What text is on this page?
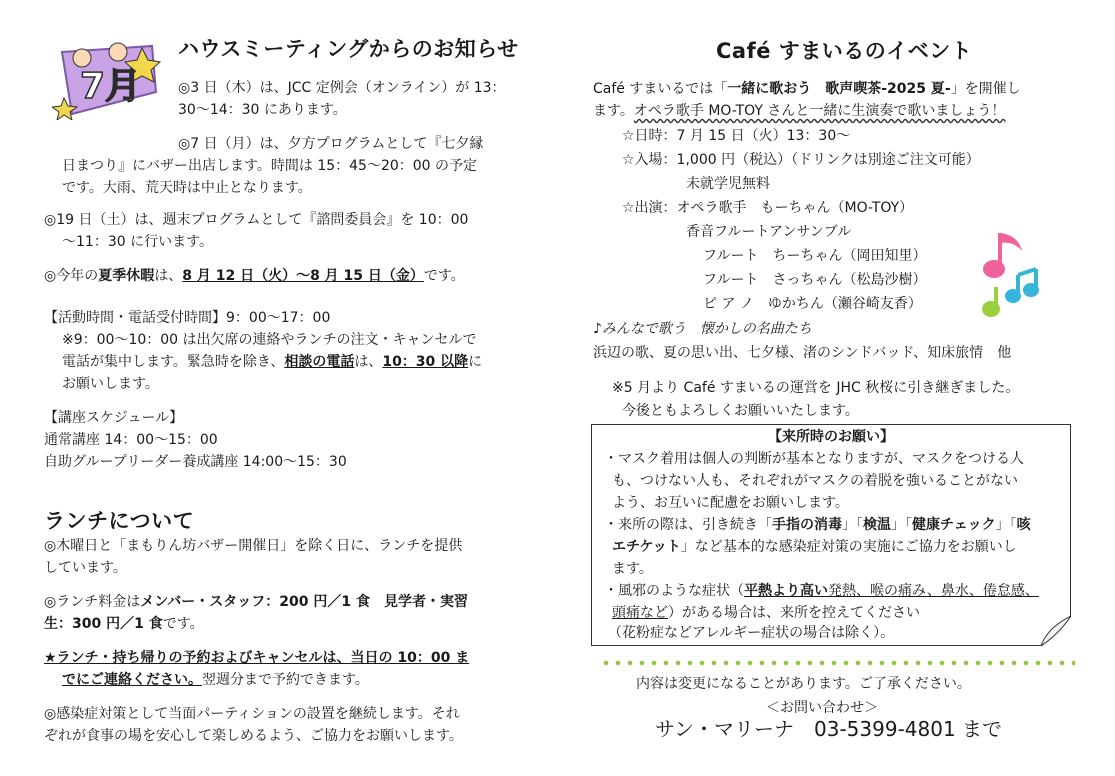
7月
ハウスミーティングからのお知らせ
◎3 日（木）は、JCC 定例会（オンライン）が 13：
30〜14：30 にあります。
◎7 日（月）は、夕方プログラムとして『七夕縁
日まつり』にバザー出店します。時間は 15：45〜20：00 の予定
です。大雨、荒天時は中止となります。
◎19 日（土）は、週末プログラムとして『諮問委員会』を 10：00
〜11：30 に行います。
◎今年の夏季休暇は、8 月 12 日（火）〜8 月 15 日（金）です。
【活動時間・電話受付時間】9：00〜17：00
※9：00〜10：00 は出欠席の連絡やランチの注文・キャンセルで
電話が集中します。緊急時を除き、相談の電話は、10：30 以降に
お願いします。
【講座スケジュール】
通常講座 14：00〜15：00
自助グループリーダー養成講座 14:00〜15：30
ランチについて
◎木曜日と「まもりん坊バザー開催日」を除く日に、ランチを提供
しています。
◎ランチ料金はメンバー・スタッフ：200 円／1 食　見学者・実習
生：300 円／1 食です。
★ランチ・持ち帰りの予約およびキャンセルは、当日の 10：00 ま
でにご連絡ください。翌週分まで予約できます。
◎感染症対策として当面パーティションの設置を継続します。それ
ぞれが食事の場を安心して楽しめるよう、ご協力をお願いします。
Café すまいるのイベント
Café すまいるでは「一緒に歌おう　歌声喫茶-2025 夏-」を開催し
ます。オペラ歌手 MO-TOY さんと一緒に生演奏で歌いましょう！
☆日時：7 月 15 日（火）13：30〜
☆入場：1,000 円（税込）（ドリンクは別途ご注文可能）
未就学児無料
☆出演：オペラ歌手　もーちゃん（MO-TOY）
香音フルートアンサンブル
フルート　ちーちゃん（岡田知里）
フルート　さっちゃん（松島沙樹）
ピ ア ノ　ゆかちん（瀬谷崎友香）
♪みんなで歌う　懐かしの名曲たち
浜辺の歌、夏の思い出、七夕様、渚のシンドバッド、知床旅情　他
※5 月より Café すまいるの運営を JHC 秋桜に引き継ぎました。
今後ともよろしくお願いいたします。
【来所時のお願い】
・マスク着用は個人の判断が基本となりますが、マスクをつける人
も、つけない人も、それぞれがマスクの着脱を強いることがない
よう、お互いに配慮をお願いします。
・来所の際は、引き続き「手指の消毒」「検温」「健康チェック」「咳
エチケット」など基本的な感染症対策の実施にご協力をお願いし
ます。
・風邪のような症状（平熱より高い発熱、喉の痛み、鼻水、倦怠感、
頭痛など）がある場合は、来所を控えてください
（花粉症などアレルギー症状の場合は除く）。
内容は変更になることがあります。ご了承ください。
＜お問い合わせ＞
サン・マリーナ　03-5399-4801 まで
